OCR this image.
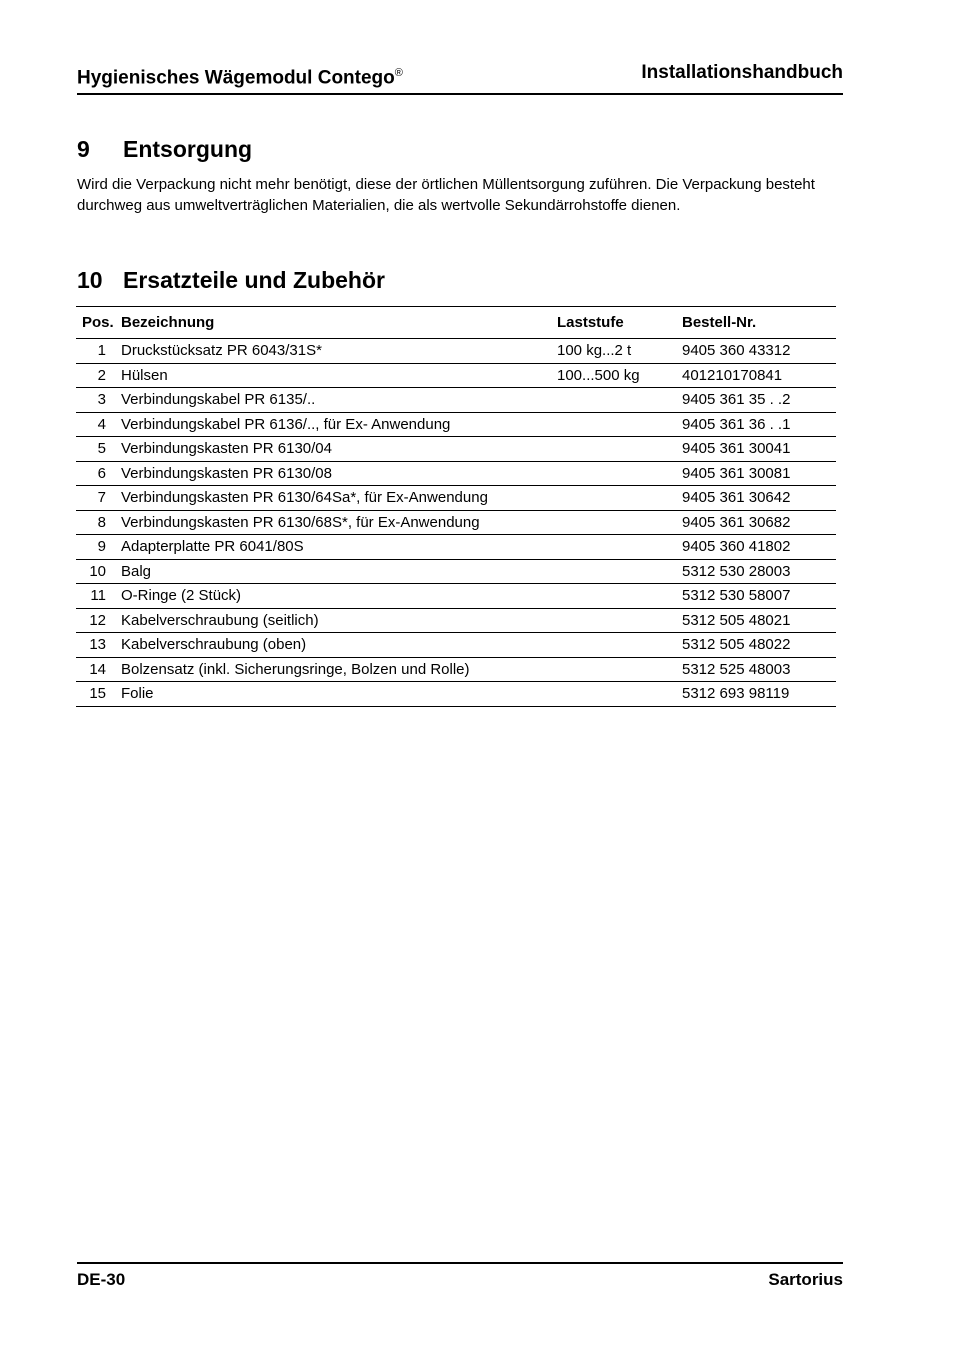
Hygienisches Wägemodul Contego®	Installationshandbuch
9 Entsorgung

Wird die Verpackung nicht mehr benötigt, diese der örtlichen Müllentsorgung zuführen. Die Verpackung besteht durchweg aus umweltverträglichen Materialien, die als wertvolle Sekundärrohstoffe dienen.

10 Ersatzteile und Zubehör
Pos.	Bezeichnung	Laststufe	Bestell-Nr.
1	Druckstücksatz PR 6043/31S*	100 kg...2 t	9405 360 43312
2	Hülsen	100...500 kg	401210170841
3	Verbindungskabel PR 6135/..		9405 361 35 . .2
4	Verbindungskabel PR 6136/.., für Ex- Anwendung		9405 361 36 . .1
5	Verbindungskasten PR 6130/04		9405 361 30041
6	Verbindungskasten PR 6130/08		9405 361 30081
7	Verbindungskasten PR 6130/64Sa*, für Ex-Anwendung		9405 361 30642
8	Verbindungskasten PR 6130/68S*, für Ex-Anwendung		9405 361 30682
9	Adapterplatte PR 6041/80S		9405 360 41802
10	Balg		5312 530 28003
11	O-Ringe (2 Stück)		5312 530 58007
12	Kabelverschraubung (seitlich)		5312 505 48021
13	Kabelverschraubung (oben)		5312 505 48022
14	Bolzensatz (inkl. Sicherungsringe, Bolzen und Rolle)		5312 525 48003
15	Folie		5312 693 98119
DE-30	Sartorius
